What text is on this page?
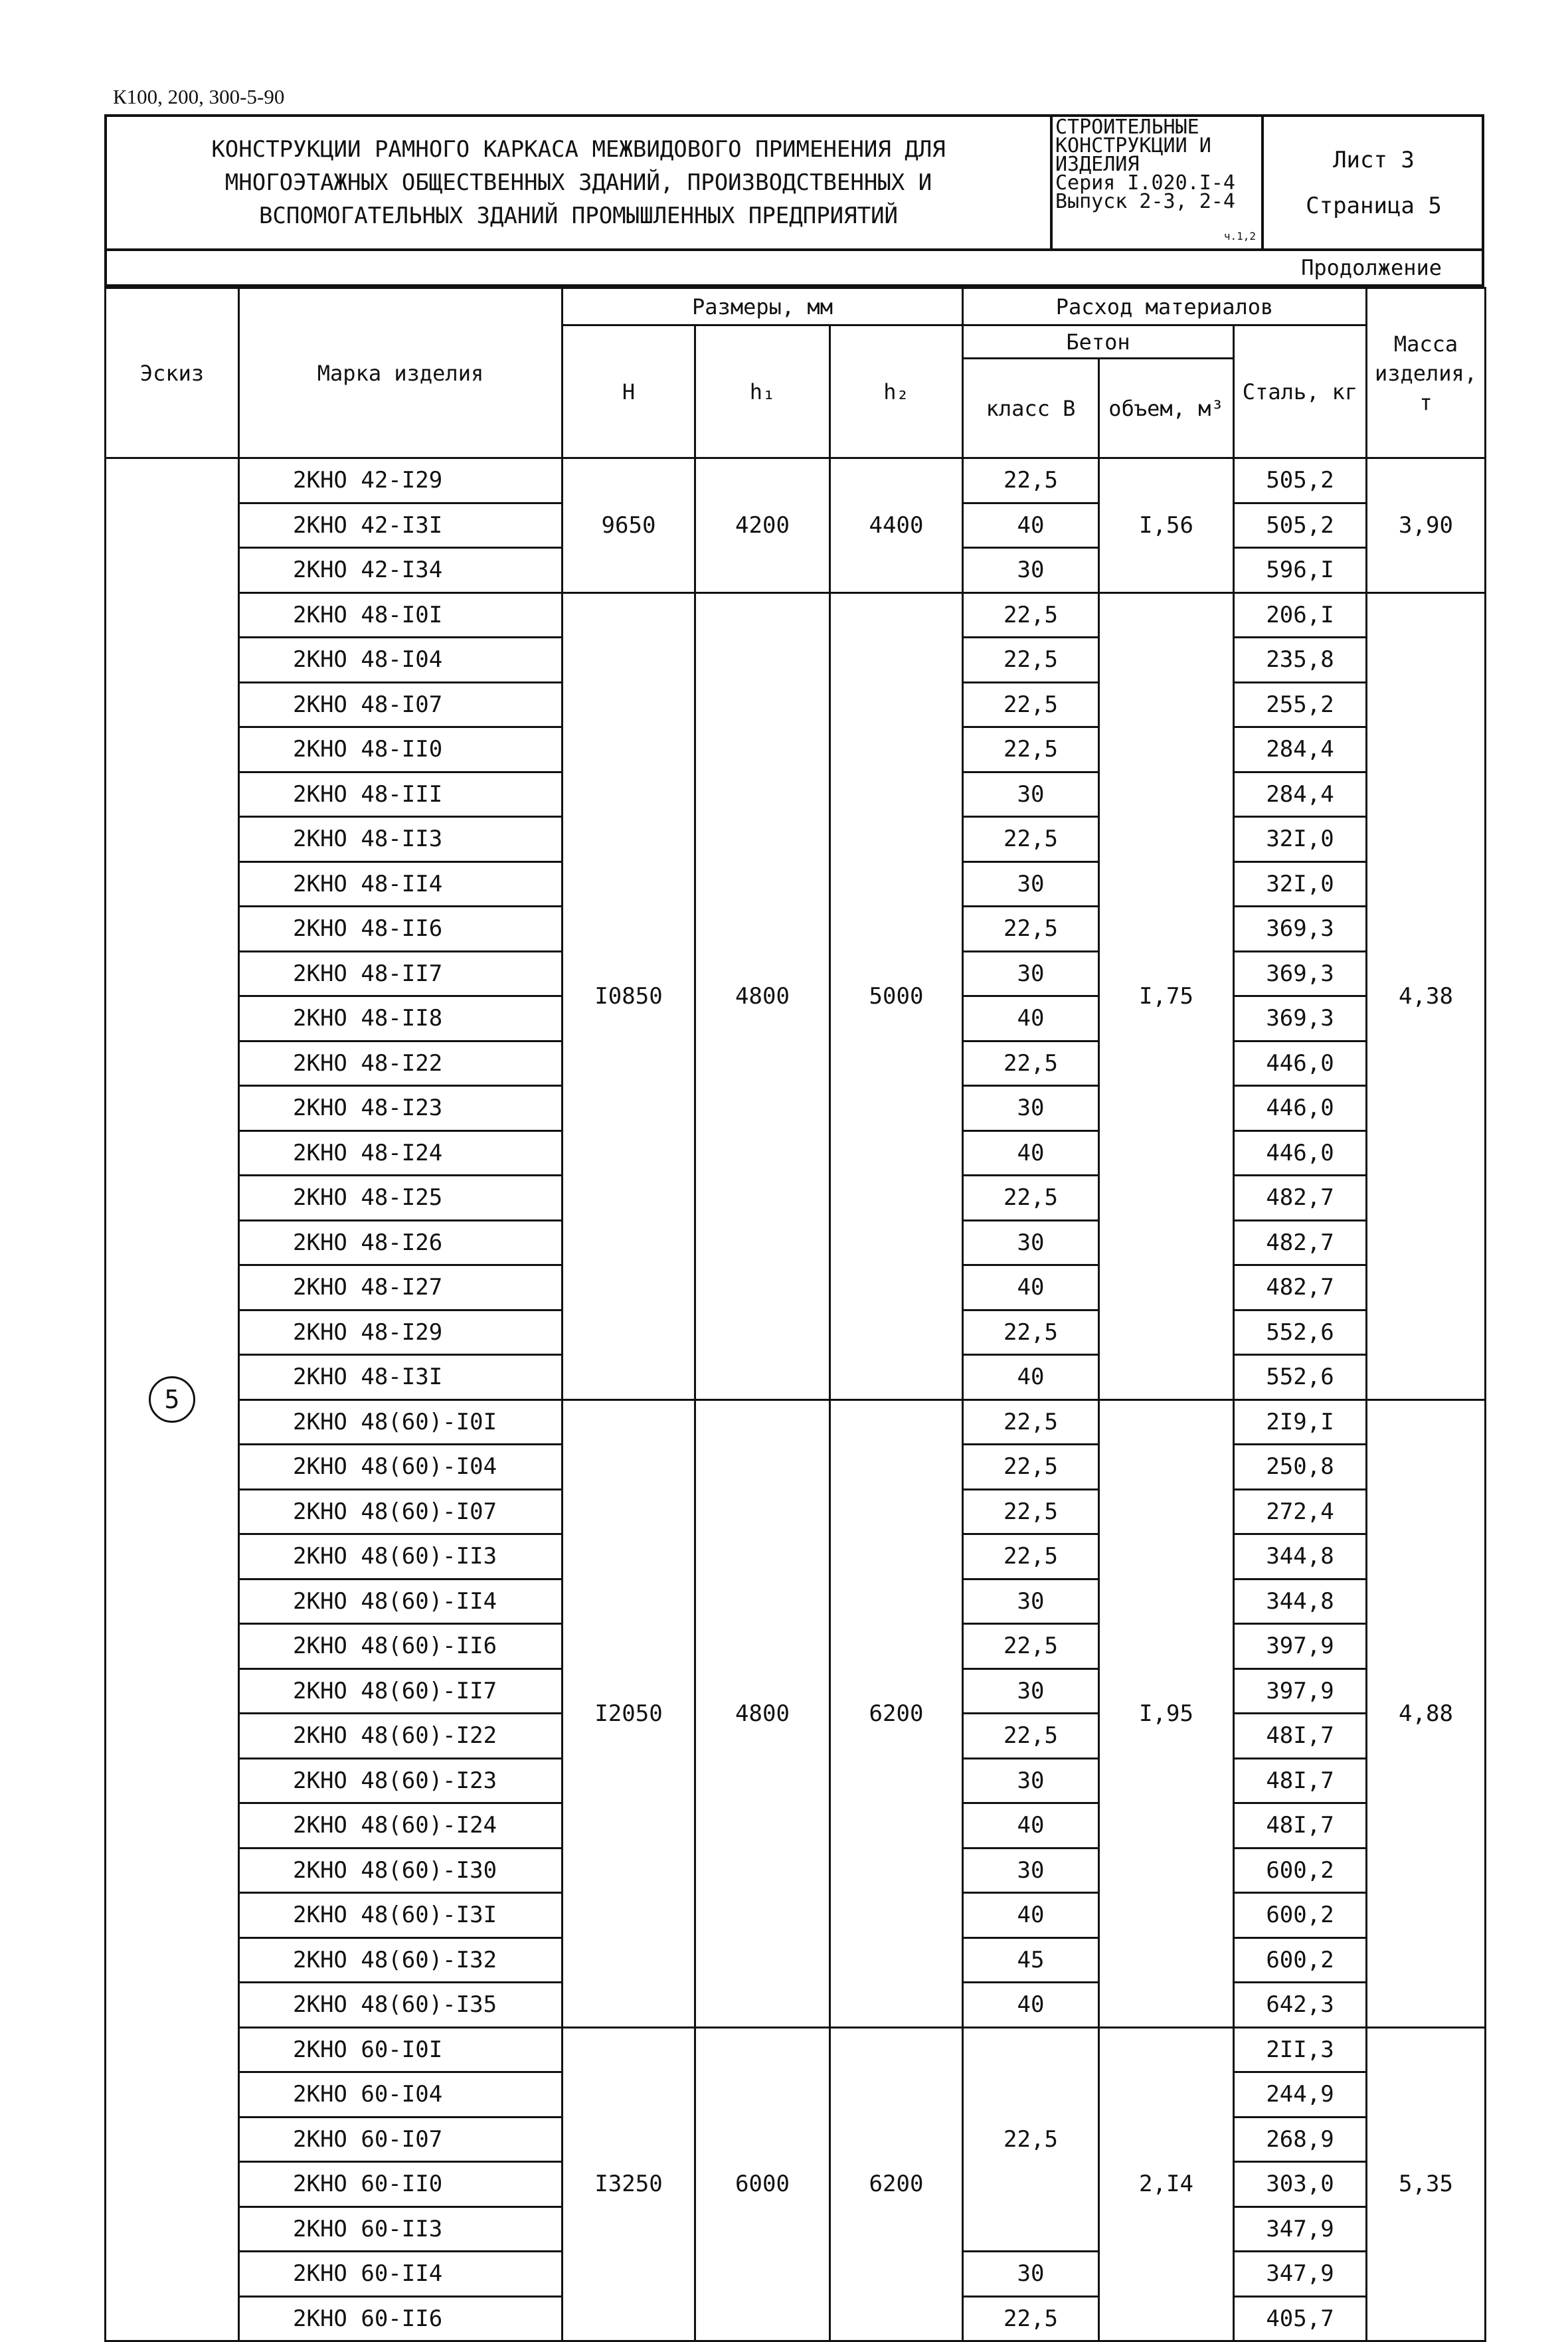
К100, 200, 300-5-90
КОНСТРУКЦИИ РАМНОГО КАРКАСА МЕЖВИДОВОГО ПРИМЕНЕНИЯ ДЛЯ
МНОГОЭТАЖНЫХ ОБЩЕСТВЕННЫХ ЗДАНИЙ, ПРОИЗВОДСТВЕННЫХ И
ВСПОМОГАТЕЛЬНЫХ ЗДАНИЙ ПРОМЫШЛЕННЫХ ПРЕДПРИЯТИЙ
СТРОИТЕЛЬНЫЕ
КОНСТРУКЦИИ И
ИЗДЕЛИЯ
Серия I.020.I-4
Выпуск 2-3, 2-4
ч.1,2
Лист 3
Страница 5
Продолжение
Эскиз	Марка изделия	Размеры, мм			Расход материалов			Масса изделия, т
		H	h₁	h₂	Бетон		Сталь, кг	
					класс В	объем, м³		
5	2КНО 42-I29	9650	4200	4400	22,5	I,56	505,2	3,90
	2КНО 42-I3I				40		505,2	
	2КНО 42-I34				30		596,I	
	2КНО 48-I0I	I0850	4800	5000	22,5	I,75	206,I	4,38
	2КНО 48-I04				22,5		235,8	
	2КНО 48-I07				22,5		255,2	
	2КНО 48-II0				22,5		284,4	
	2КНО 48-III				30		284,4	
	2КНО 48-II3				22,5		32I,0	
	2КНО 48-II4				30		32I,0	
	2КНО 48-II6				22,5		369,3	
	2КНО 48-II7				30		369,3	
	2КНО 48-II8				40		369,3	
	2КНО 48-I22				22,5		446,0	
	2КНО 48-I23				30		446,0	
	2КНО 48-I24				40		446,0	
	2КНО 48-I25				22,5		482,7	
	2КНО 48-I26				30		482,7	
	2КНО 48-I27				40		482,7	
	2КНО 48-I29				22,5		552,6	
	2КНО 48-I3I				40		552,6	
	2КНО 48(60)-I0I	I2050	4800	6200	22,5	I,95	2I9,I	4,88
	2КНО 48(60)-I04				22,5		250,8	
	2КНО 48(60)-I07				22,5		272,4	
	2КНО 48(60)-II3				22,5		344,8	
	2КНО 48(60)-II4				30		344,8	
	2КНО 48(60)-II6				22,5		397,9	
	2КНО 48(60)-II7				30		397,9	
	2КНО 48(60)-I22				22,5		48I,7	
	2КНО 48(60)-I23				30		48I,7	
	2КНО 48(60)-I24				40		48I,7	
	2КНО 48(60)-I30				30		600,2	
	2КНО 48(60)-I3I				40		600,2	
	2КНО 48(60)-I32				45		600,2	
	2КНО 48(60)-I35				40		642,3	
	2КНО 60-I0I	I3250	6000	6200	22,5	2,I4	2II,3	5,35
	2КНО 60-I04						244,9	
	2КНО 60-I07						268,9	
	2КНО 60-II0						303,0	
	2КНО 60-II3						347,9	
	2КНО 60-II4				30		347,9	
	2КНО 60-II6				22,5		405,7	
